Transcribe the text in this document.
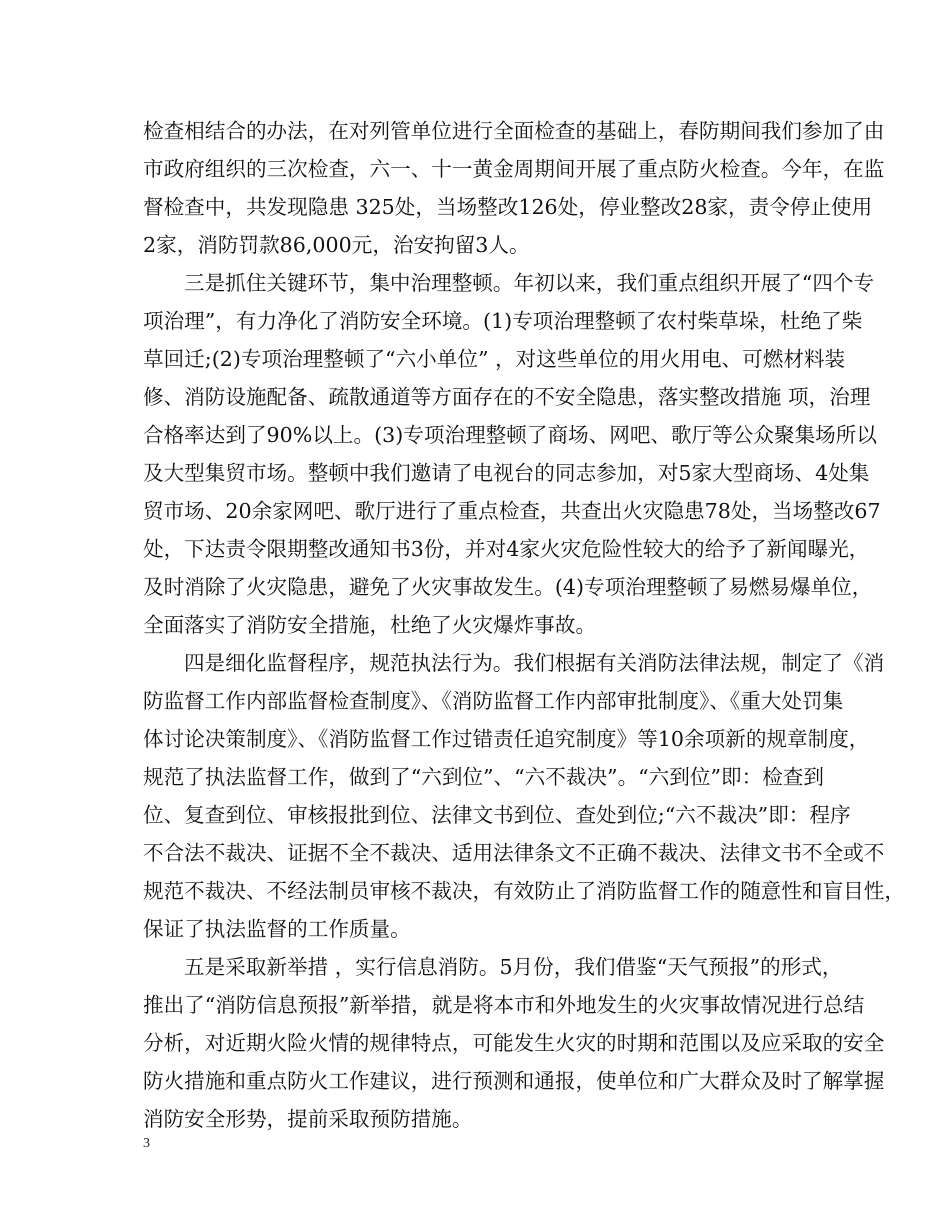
检查相结合的办法，在对列管单位进行全面检查的基础上，春防期间我们参加了由
市政府组织的三次检查，六一、十一黄金周期间开展了重点防火检查。今年，在监
督检查中，共发现隐患 325处，当场整改126处，停业整改28家，责令停止使用
2家，消防罚款86,000元，治安拘留3人。
三是抓住关键环节，集中治理整顿。年初以来，我们重点组织开展了“四个专
项治理”，有力净化了消防安全环境。(1)专项治理整顿了农村柴草垛，杜绝了柴
草回迁;(2)专项治理整顿了“六小单位” ，对这些单位的用火用电、可燃材料装
修、消防设施配备、疏散通道等方面存在的不安全隐患，落实整改措施 项，治理
合格率达到了90%以上。(3)专项治理整顿了商场、网吧、歌厅等公众聚集场所以
及大型集贸市场。整顿中我们邀请了电视台的同志参加，对5家大型商场、4处集
贸市场、20余家网吧、歌厅进行了重点检查，共查出火灾隐患78处，当场整改67
处，下达责令限期整改通知书3份，并对4家火灾危险性较大的给予了新闻曝光，
及时消除了火灾隐患，避免了火灾事故发生。(4)专项治理整顿了易燃易爆单位，
全面落实了消防安全措施，杜绝了火灾爆炸事故。
四是细化监督程序，规范执法行为。我们根据有关消防法律法规，制定了《消
防监督工作内部监督检查制度》、《消防监督工作内部审批制度》、《重大处罚集
体讨论决策制度》、《消防监督工作过错责任追究制度》等10余项新的规章制度，
规范了执法监督工作，做到了“六到位”、“六不裁决”。“六到位”即：检查到
位、复查到位、审核报批到位、法律文书到位、查处到位;“六不裁决”即：程序
不合法不裁决、证据不全不裁决、适用法律条文不正确不裁决、法律文书不全或不
规范不裁决、不经法制员审核不裁决，有效防止了消防监督工作的随意性和盲目性，
保证了执法监督的工作质量。
五是采取新举措 ，实行信息消防。5月份，我们借鉴“天气预报”的形式，
推出了“消防信息预报”新举措，就是将本市和外地发生的火灾事故情况进行总结
分析，对近期火险火情的规律特点，可能发生火灾的时期和范围以及应采取的安全
防火措施和重点防火工作建议，进行预测和通报，使单位和广大群众及时了解掌握
消防安全形势，提前采取预防措施。
3
